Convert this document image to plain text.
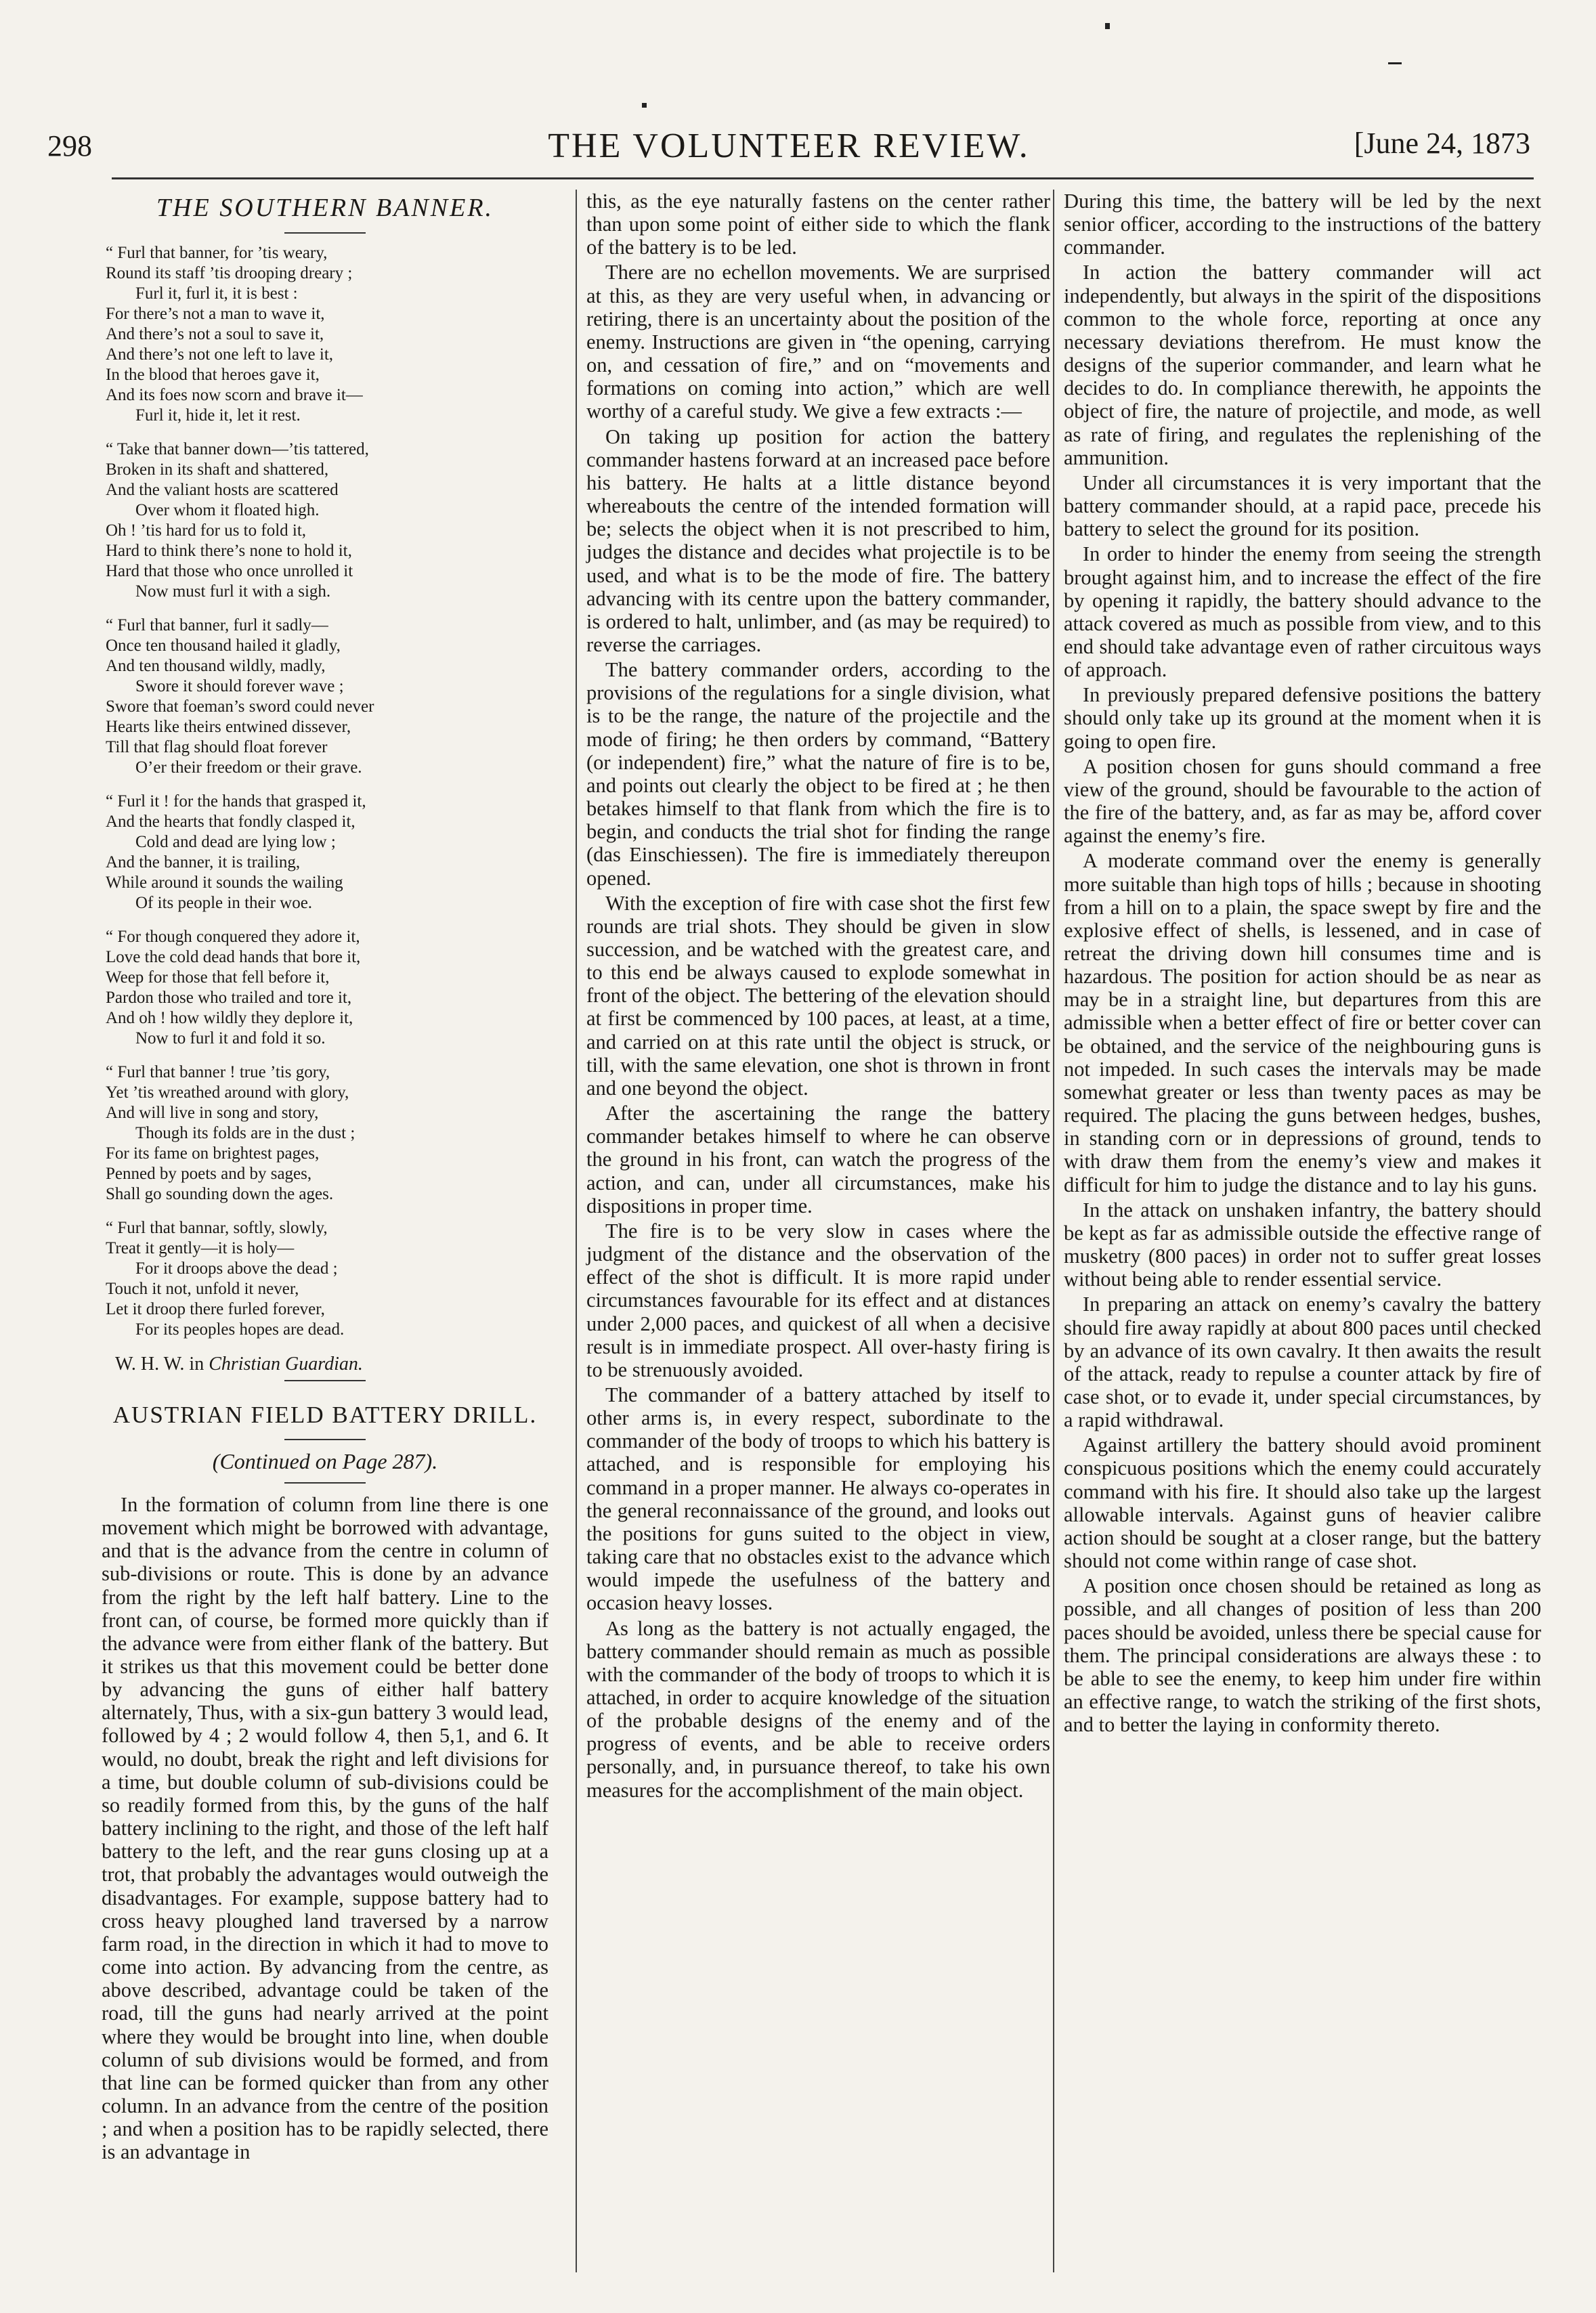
298	THE VOLUNTEER REVIEW.	[June 24, 1873
THE SOUTHERN BANNER.
“ Furl that banner, for ’tis weary,
Round its staff ’tis drooping dreary ;
Furl it, furl it, it is best :
For there’s not a man to wave it,
And there’s not a soul to save it,
And there’s not one left to lave it,
In the blood that heroes gave it,
And its foes now scorn and brave it—
Furl it, hide it, let it rest.
“ Take that banner down—’tis tattered,
Broken in its shaft and shattered,
And the valiant hosts are scattered
Over whom it floated high.
Oh ! ’tis hard for us to fold it,
Hard to think there’s none to hold it,
Hard that those who once unrolled it
Now must furl it with a sigh.
“ Furl that banner, furl it sadly—
Once ten thousand hailed it gladly,
And ten thousand wildly, madly,
Swore it should forever wave ;
Swore that foeman’s sword could never
Hearts like theirs entwined dissever,
Till that flag should float forever
O’er their freedom or their grave.
“ Furl it ! for the hands that grasped it,
And the hearts that fondly clasped it,
Cold and dead are lying low ;
And the banner, it is trailing,
While around it sounds the wailing
Of its people in their woe.
“ For though conquered they adore it,
Love the cold dead hands that bore it,
Weep for those that fell before it,
Pardon those who trailed and tore it,
And oh ! how wildly they deplore it,
Now to furl it and fold it so.
“ Furl that banner ! true ’tis gory,
Yet ’tis wreathed around with glory,
And will live in song and story,
Though its folds are in the dust ;
For its fame on brightest pages,
Penned by poets and by sages,
Shall go sounding down the ages.
“ Furl that bannar, softly, slowly,
Treat it gently—it is holy—
For it droops above the dead ;
Touch it not, unfold it never,
Let it droop there furled forever,
For its peoples hopes are dead.
W. H. W. in Christian Guardian.
AUSTRIAN FIELD BATTERY DRILL.
(Continued on Page 287).

In the formation of column from line there is one movement which might be borrowed with advantage, and that is the advance from the centre in column of sub-divisions or route. This is done by an advance from the right by the left half battery. Line to the front can, of course, be formed more quickly than if the advance were from either flank of the battery. But it strikes us that this movement could be better done by advancing the guns of either half battery alternately, Thus, with a six-gun battery 3 would lead, followed by 4 ; 2 would follow 4, then 5,1, and 6. It would, no doubt, break the right and left divisions for a time, but double column of sub-divisions could be so readily formed from this, by the guns of the half battery inclining to the right, and those of the left half battery to the left, and the rear guns closing up at a trot, that probably the advantages would outweigh the disadvantages. For example, suppose battery had to cross heavy ploughed land traversed by a narrow farm road, in the direction in which it had to move to come into action. By advancing from the centre, as above described, advantage could be taken of the road, till the guns had nearly arrived at the point where they would be brought into line, when double column of sub divisions would be formed, and from that line can be formed quicker than from any other column. In an advance from the centre of the position ; and when a position has to be rapidly selected, there is an advantage in

this, as the eye naturally fastens on the center rather than upon some point of either side to which the flank of the battery is to be led.

There are no echellon movements. We are surprised at this, as they are very useful when, in advancing or retiring, there is an uncertainty about the position of the enemy. Instructions are given in “the opening, carrying on, and cessation of fire,” and on “movements and formations on coming into action,” which are well worthy of a careful study. We give a few extracts :—

On taking up position for action the battery commander hastens forward at an increased pace before his battery. He halts at a little distance beyond whereabouts the centre of the intended formation will be; selects the object when it is not prescribed to him, judges the distance and decides what projectile is to be used, and what is to be the mode of fire. The battery advancing with its centre upon the battery commander, is ordered to halt, unlimber, and (as may be required) to reverse the carriages.

The battery commander orders, according to the provisions of the regulations for a single division, what is to be the range, the nature of the projectile and the mode of firing; he then orders by command, “Battery (or independent) fire,” what the nature of fire is to be, and points out clearly the object to be fired at ; he then betakes himself to that flank from which the fire is to begin, and conducts the trial shot for finding the range (das Einschiessen). The fire is immediately thereupon opened.

With the exception of fire with case shot the first few rounds are trial shots. They should be given in slow succession, and be watched with the greatest care, and to this end be always caused to explode somewhat in front of the object. The bettering of the elevation should at first be commenced by 100 paces, at least, at a time, and carried on at this rate until the object is struck, or till, with the same elevation, one shot is thrown in front and one beyond the object.

After the ascertaining the range the battery commander betakes himself to where he can observe the ground in his front, can watch the progress of the action, and can, under all circumstances, make his dispositions in proper time.

The fire is to be very slow in cases where the judgment of the distance and the observation of the effect of the shot is difficult. It is more rapid under circumstances favourable for its effect and at distances under 2,000 paces, and quickest of all when a decisive result is in immediate prospect. All over-hasty firing is to be strenuously avoided.

The commander of a battery attached by itself to other arms is, in every respect, subordinate to the commander of the body of troops to which his battery is attached, and is responsible for employing his command in a proper manner. He always co-operates in the general reconnaissance of the ground, and looks out the positions for guns suited to the object in view, taking care that no obstacles exist to the advance which would impede the usefulness of the battery and occasion heavy losses.

As long as the battery is not actually engaged, the battery commander should remain as much as possible with the commander of the body of troops to which it is attached, in order to acquire knowledge of the situation of the probable designs of the enemy and of the progress of events, and be able to receive orders personally, and, in pursuance thereof, to take his own measures for the accomplishment of the main object.

During this time, the battery will be led by the next senior officer, according to the instructions of the battery commander.

In action the battery commander will act independently, but always in the spirit of the dispositions common to the whole force, reporting at once any necessary deviations therefrom. He must know the designs of the superior commander, and learn what he decides to do. In compliance therewith, he appoints the object of fire, the nature of projectile, and mode, as well as rate of firing, and regulates the replenishing of the ammunition.

Under all circumstances it is very important that the battery commander should, at a rapid pace, precede his battery to select the ground for its position.

In order to hinder the enemy from seeing the strength brought against him, and to increase the effect of the fire by opening it rapidly, the battery should advance to the attack covered as much as possible from view, and to this end should take advantage even of rather circuitous ways of approach.

In previously prepared defensive positions the battery should only take up its ground at the moment when it is going to open fire.

A position chosen for guns should command a free view of the ground, should be favourable to the action of the fire of the battery, and, as far as may be, afford cover against the enemy’s fire.

A moderate command over the enemy is generally more suitable than high tops of hills ; because in shooting from a hill on to a plain, the space swept by fire and the explosive effect of shells, is lessened, and in case of retreat the driving down hill consumes time and is hazardous. The position for action should be as near as may be in a straight line, but departures from this are admissible when a better effect of fire or better cover can be obtained, and the service of the neighbouring guns is not impeded. In such cases the intervals may be made somewhat greater or less than twenty paces as may be required. The placing the guns between hedges, bushes, in standing corn or in depressions of ground, tends to with draw them from the enemy’s view and makes it difficult for him to judge the distance and to lay his guns.

In the attack on unshaken infantry, the battery should be kept as far as admissible outside the effective range of musketry (800 paces) in order not to suffer great losses without being able to render essential service.

In preparing an attack on enemy’s cavalry the battery should fire away rapidly at about 800 paces until checked by an advance of its own cavalry. It then awaits the result of the attack, ready to repulse a counter attack by fire of case shot, or to evade it, under special circumstances, by a rapid withdrawal.

Against artillery the battery should avoid prominent conspicuous positions which the enemy could accurately command with his fire. It should also take up the largest allowable intervals. Against guns of heavier calibre action should be sought at a closer range, but the battery should not come within range of case shot.

A position once chosen should be retained as long as possible, and all changes of position of less than 200 paces should be avoided, unless there be special cause for them. The principal considerations are always these : to be able to see the enemy, to keep him under fire within an effective range, to watch the striking of the first shots, and to better the laying in conformity thereto.
